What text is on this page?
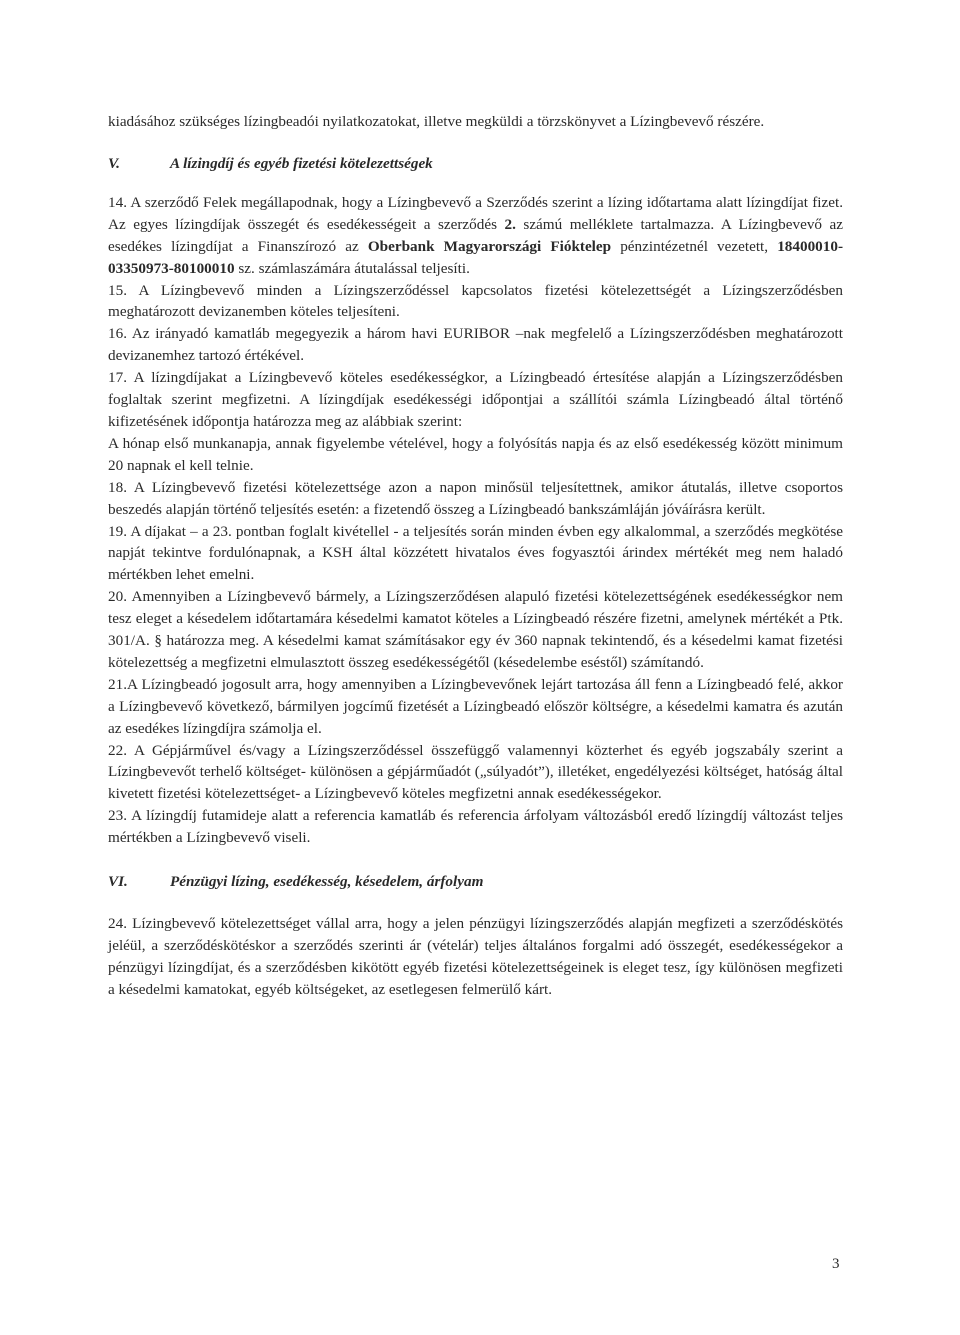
kiadásához szükséges lízingbeadói nyilatkozatokat, illetve megküldi a törzskönyvet a Lízingbevevő részére.

V.	A lízingdíj és egyéb fizetési kötelezettségek

14. A szerződő Felek megállapodnak, hogy a Lízingbevevő a Szerződés szerint a lízing időtartama alatt lízingdíjat fizet. Az egyes lízingdíjak összegét és esedékességeit a szerződés 2. számú melléklete tartalmazza. A Lízingbevevő az esedékes lízingdíjat a Finanszírozó az Oberbank Magyarországi Fióktelep pénzintézetnél vezetett, 18400010-03350973-80100010 sz. számlaszámára átutalással teljesíti.

15. A Lízingbevevő minden a Lízingszerződéssel kapcsolatos fizetési kötelezettségét a Lízingszerződésben meghatározott devizanemben köteles teljesíteni.

16. Az irányadó kamatláb megegyezik a három havi EURIBOR –nak megfelelő a Lízingszerződésben meghatározott devizanemhez tartozó értékével.

17. A lízingdíjakat a Lízingbevevő köteles esedékességkor, a Lízingbeadó értesítése alapján a Lízingszerződésben foglaltak szerint megfizetni. A lízingdíjak esedékességi időpontjai a szállítói számla Lízingbeadó által történő kifizetésének időpontja határozza meg az alábbiak szerint:

A hónap első munkanapja, annak figyelembe vételével, hogy a folyósítás napja és az első esedékesség között minimum 20 napnak el kell telnie.

18. A Lízingbevevő fizetési kötelezettsége azon a napon minősül teljesítettnek, amikor átutalás, illetve csoportos beszedés alapján történő teljesítés esetén: a fizetendő összeg a Lízingbeadó bankszámláján jóváírásra került.

19. A díjakat – a 23. pontban foglalt kivétellel - a teljesítés során minden évben egy alkalommal, a szerződés megkötése napját tekintve fordulónapnak, a KSH által közzétett hivatalos éves fogyasztói árindex mértékét meg nem haladó mértékben lehet emelni.

20. Amennyiben a Lízingbevevő bármely, a Lízingszerződésen alapuló fizetési kötelezettségének esedékességkor nem tesz eleget a késedelem időtartamára késedelmi kamatot köteles a Lízingbeadó részére fizetni, amelynek mértékét a Ptk. 301/A. § határozza meg. A késedelmi kamat számításakor egy év 360 napnak tekintendő, és a késedelmi kamat fizetési kötelezettség a megfizetni elmulasztott összeg esedékességétől (késedelembe eséstől) számítandó.

21.A Lízingbeadó jogosult arra, hogy amennyiben a Lízingbevevőnek lejárt tartozása áll fenn a Lízingbeadó felé, akkor a Lízingbevevő következő, bármilyen jogcímű fizetését a Lízingbeadó először költségre, a késedelmi kamatra és azután az esedékes lízingdíjra számolja el.

22. A Gépjárművel és/vagy a Lízingszerződéssel összefüggő valamennyi közterhet és egyéb jogszabály szerint a Lízingbevevőt terhelő költséget- különösen a gépjárműadót („súlyadót”), illetéket, engedélyezési költséget, hatóság által kivetett fizetési kötelezettséget- a Lízingbevevő köteles megfizetni annak esedékességekor.

23. A lízingdíj futamideje alatt a referencia kamatláb és referencia árfolyam változásból eredő lízingdíj változást teljes mértékben a Lízingbevevő viseli.

VI.	Pénzügyi lízing, esedékesség, késedelem, árfolyam

24. Lízingbevevő kötelezettséget vállal arra, hogy a jelen pénzügyi lízingszerződés alapján megfizeti a szerződéskötés jeléül, a szerződéskötéskor a szerződés szerinti ár (vételár) teljes általános forgalmi adó összegét, esedékességekor a pénzügyi lízingdíjat, és a szerződésben kikötött egyéb fizetési kötelezettségeinek is eleget tesz, így különösen megfizeti a késedelmi kamatokat, egyéb költségeket, az esetlegesen felmerülő kárt.

3
